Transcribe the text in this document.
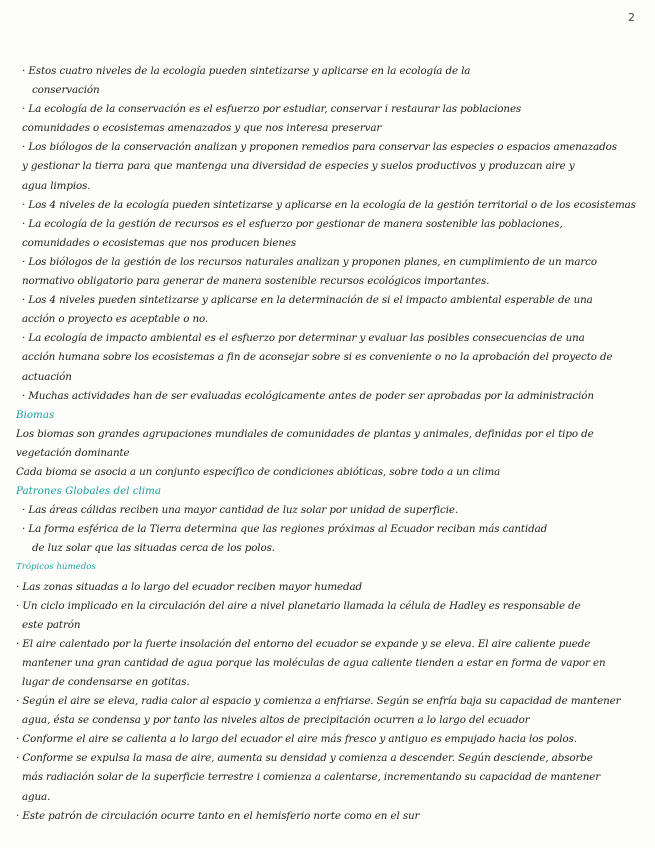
2
· Estos cuatro niveles de la ecología pueden sintetizarse y aplicarse en la ecología de la
conservación
· La ecología de la conservación es el esfuerzo por estudiar, conservar i restaurar las poblaciones
comunidades o ecosistemas amenazados y que nos interesa preservar
· Los biólogos de la conservación analizan y proponen remedios para conservar las especies o espacios amenazados
y gestionar la tierra para que mantenga una diversidad de especies y suelos productivos y produzcan aire y
agua limpios.
· Los 4 niveles de la ecología pueden sintetizarse y aplicarse en la ecología de la gestión territorial o de los ecosistemas
· La ecología de la gestión de recursos es el esfuerzo por gestionar de manera sostenible las poblaciones,
comunidades o ecosistemas que nos producen bienes
· Los biólogos de la gestión de los recursos naturales analizan y proponen planes, en cumplimiento de un marco
normativo obligatorio para generar de manera sostenible recursos ecológicos importantes.
· Los 4 niveles pueden sintetizarse y aplicarse en la determinación de si el impacto ambiental esperable de una
acción o proyecto es aceptable o no.
· La ecología de impacto ambiental es el esfuerzo por determinar y evaluar las posibles consecuencias de una
acción humana sobre los ecosistemas a fin de aconsejar sobre si es conveniente o no la aprobación del proyecto de
actuación
· Muchas actividades han de ser evaluadas ecológicamente antes de poder ser aprobadas por la administración
Biomas
Los biomas son grandes agrupaciones mundiales de comunidades de plantas y animales, definidas por el tipo de
vegetación dominante
Cada bioma se asocia a un conjunto específico de condiciones abióticas, sobre todo a un clima
Patrones Globales del clima
· Las áreas cálidas reciben una mayor cantidad de luz solar por unidad de superficie.
· La forma esférica de la Tierra determina que las regiones próximas al Ecuador reciban más cantidad
de luz solar que las situadas cerca de los polos.
Trópicos húmedos
· Las zonas situadas a lo largo del ecuador reciben mayor humedad
· Un ciclo implicado en la circulación del aire a nivel planetario llamada la célula de Hadley es responsable de
este patrón
· El aire calentado por la fuerte insolación del entorno del ecuador se expande y se eleva. El aire caliente puede
mantener una gran cantidad de agua porque las moléculas de agua caliente tienden a estar en forma de vapor en
lugar de condensarse en gotitas.
· Según el aire se eleva, radia calor al espacio y comienza a enfriarse. Según se enfría baja su capacidad de mantener
agua, ésta se condensa y por tanto las niveles altos de precipitación ocurren a lo largo del ecuador
· Conforme el aire se calienta a lo largo del ecuador el aire más fresco y antiguo es empujado hacia los polos.
· Conforme se expulsa la masa de aire, aumenta su densidad y comienza a descender. Según desciende, absorbe
más radiación solar de la superficie terrestre i comienza a calentarse, incrementando su capacidad de mantener
agua.
· Este patrón de circulación ocurre tanto en el hemisferio norte como en el sur
